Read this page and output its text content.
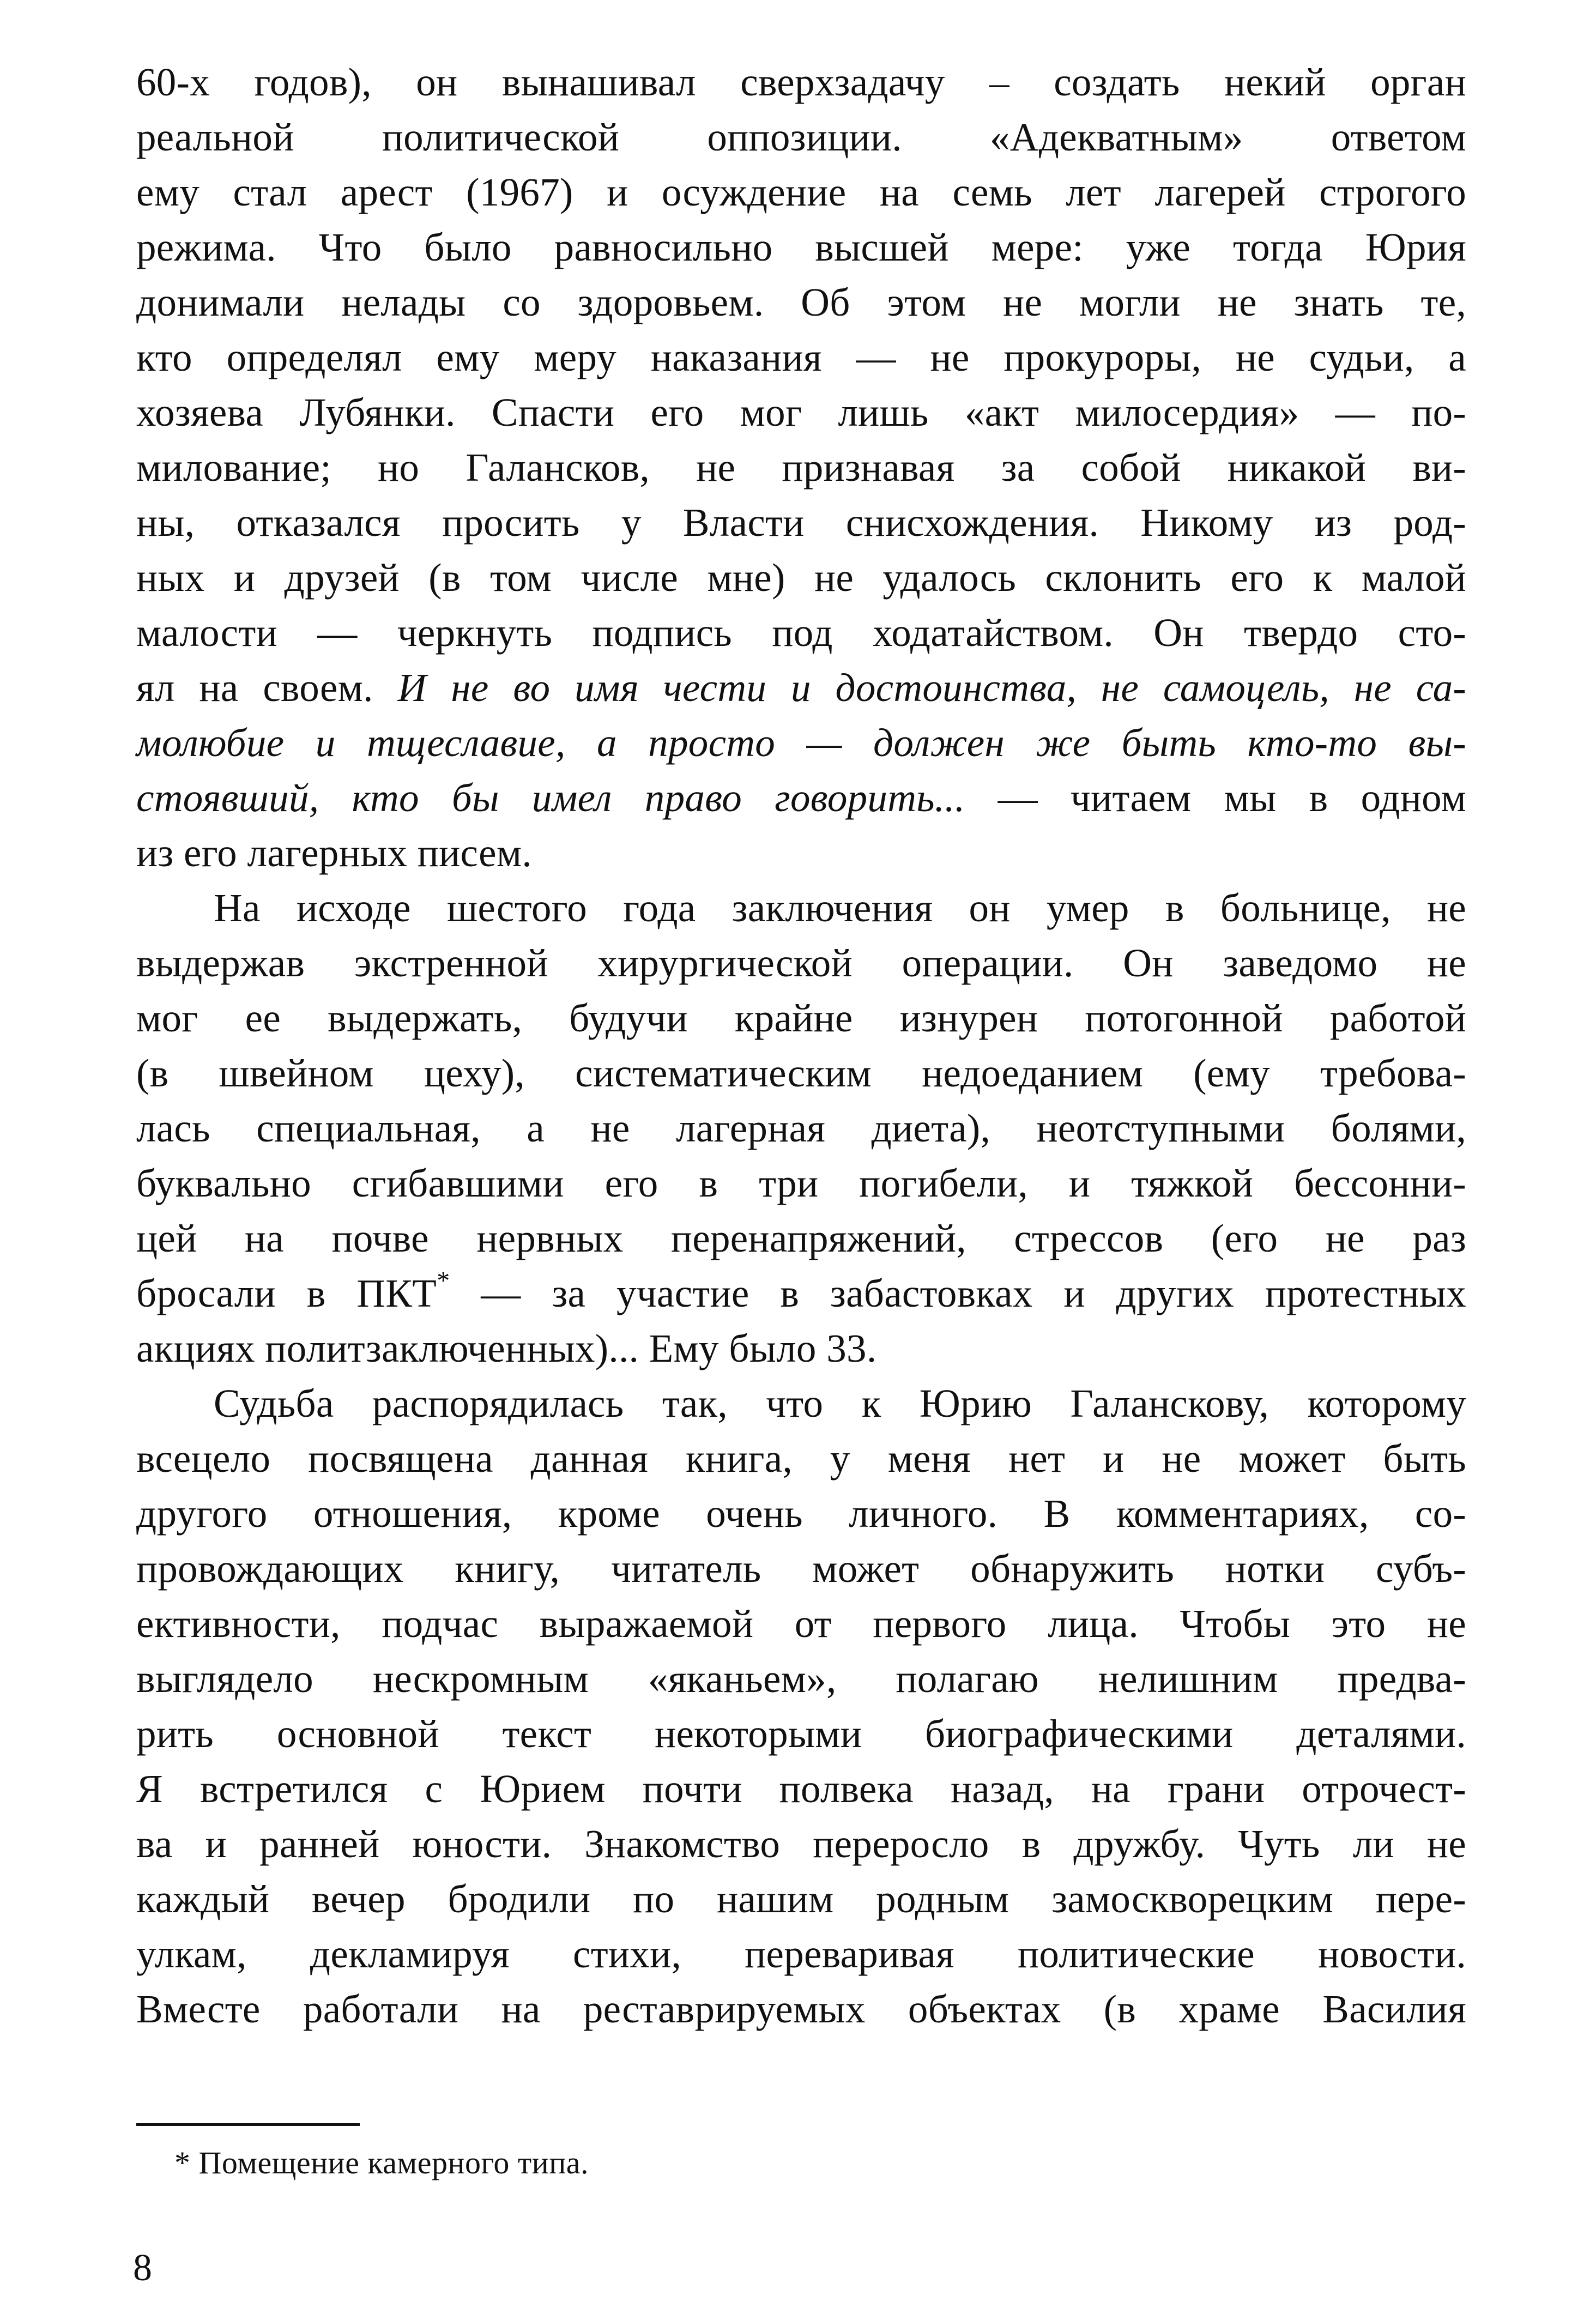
60-х годов), он вынашивал сверхзадачу – создать некий орган
реальной политической оппозиции. «Адекватным» ответом
ему стал арест (1967) и осуждение на семь лет лагерей строгого
режима. Что было равносильно высшей мере: уже тогда Юрия
донимали нелады со здоровьем. Об этом не могли не знать те,
кто определял ему меру наказания — не прокуроры, не судьи, а
хозяева Лубянки. Спасти его мог лишь «акт милосердия» — по-
милование; но Галансков, не признавая за собой никакой ви-
ны, отказался просить у Власти снисхождения. Никому из род-
ных и друзей (в том числе мне) не удалось склонить его к малой
малости — черкнуть подпись под ходатайством. Он твердо сто-
ял на своем. И не во имя чести и достоинства, не самоцель, не са-
молюбие и тщеславие, а просто — должен же быть кто-то вы-
стоявший, кто бы имел право говорить... — читаем мы в одном
из его лагерных писем.
На исходе шестого года заключения он умер в больнице, не
выдержав экстренной хирургической операции. Он заведомо не
мог ее выдержать, будучи крайне изнурен потогонной работой
(в швейном цеху), систематическим недоеданием (ему требова-
лась специальная, а не лагерная диета), неотступными болями,
буквально сгибавшими его в три погибели, и тяжкой бессонни-
цей на почве нервных перенапряжений, стрессов (его не раз
бросали в ПКТ* — за участие в забастовках и других протестных
акциях политзаключенных)... Ему было 33.
Судьба распорядилась так, что к Юрию Галанскову, которому
всецело посвящена данная книга, у меня нет и не может быть
другого отношения, кроме очень личного. В комментариях, со-
провождающих книгу, читатель может обнаружить нотки субъ-
ективности, подчас выражаемой от первого лица. Чтобы это не
выглядело нескромным «яканьем», полагаю нелишним предва-
рить основной текст некоторыми биографическими деталями.
Я встретился с Юрием почти полвека назад, на грани отрочест-
ва и ранней юности. Знакомство переросло в дружбу. Чуть ли не
каждый вечер бродили по нашим родным замоскворецким пере-
улкам, декламируя стихи, переваривая политические новости.
Вместе работали на реставрируемых объектах (в храме Василия
* Помещение камерного типа.
8
